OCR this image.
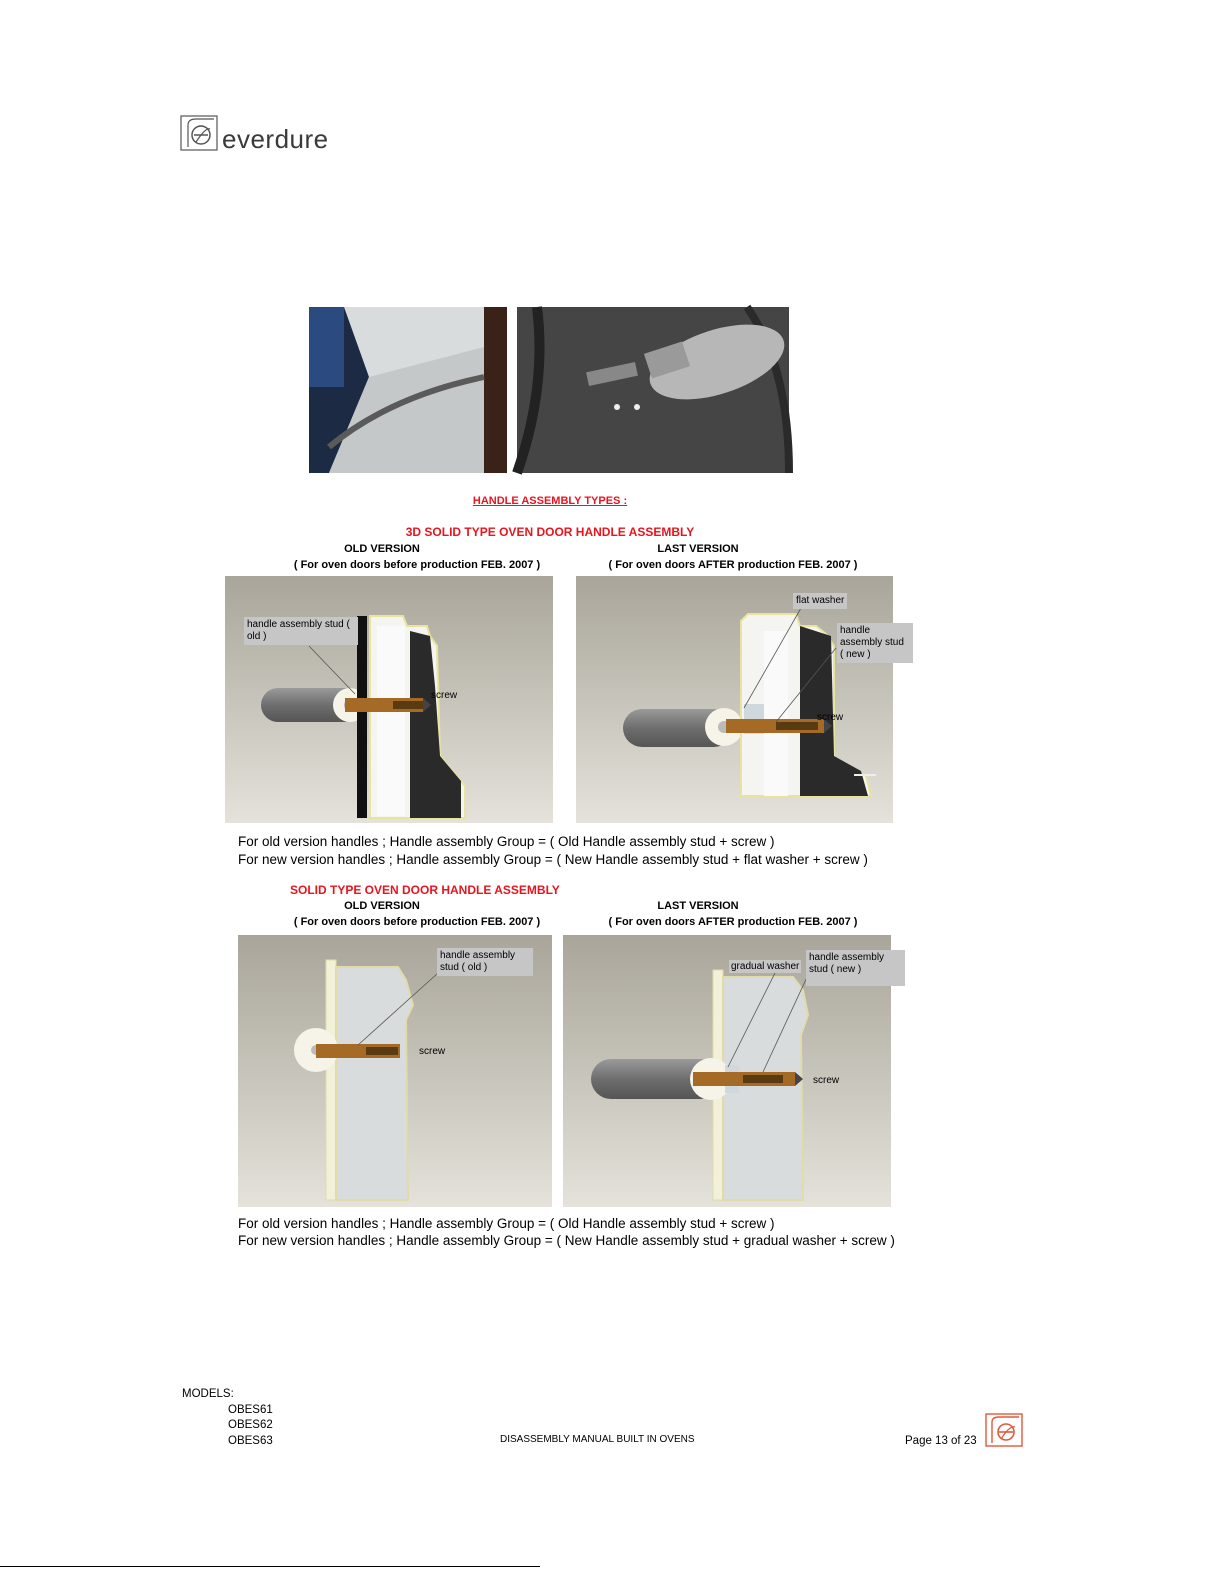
everdure
HANDLE ASSEMBLY TYPES :
3D SOLID TYPE OVEN DOOR HANDLE ASSEMBLY
OLD VERSION	LAST VERSION
( For oven doors before production FEB. 2007 )	( For oven doors AFTER production FEB. 2007 )
handle assembly stud ( old )
screw
flat washer
handle assembly stud ( new )
screw
For old version handles ; Handle assembly Group = ( Old Handle assembly stud + screw )
For new version handles ; Handle assembly Group = ( New Handle assembly stud + flat washer + screw )
SOLID TYPE OVEN DOOR HANDLE ASSEMBLY
OLD VERSION	LAST VERSION
( For oven doors before production FEB. 2007 )	( For oven doors AFTER production FEB. 2007 )
handle assembly stud ( old )
screw
gradual washer
handle assembly stud ( new )
screw
For old version handles ; Handle assembly Group = ( Old Handle assembly stud + screw )
For new version handles ; Handle assembly Group = ( New Handle assembly stud + gradual washer + screw )
MODELS:
OBES61
OBES62
OBES63	DISASSEMBLY MANUAL BUILT IN OVENS	Page 13 of 23
